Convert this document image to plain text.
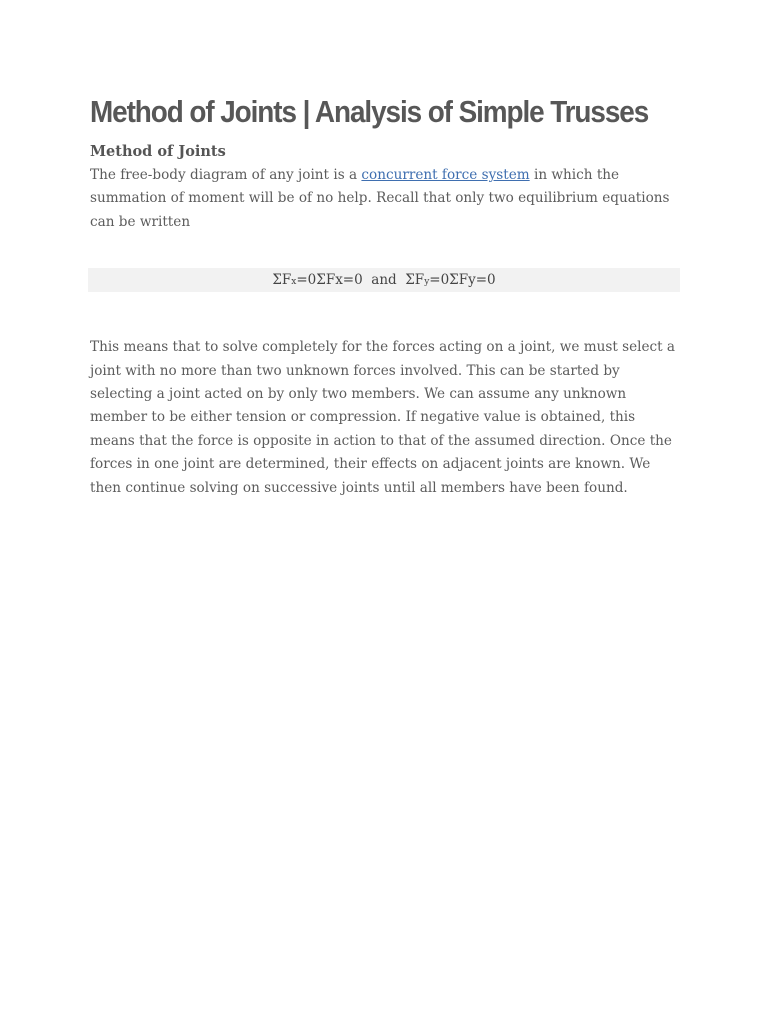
Method of Joints | Analysis of Simple Trusses
Method of Joints

The free-body diagram of any joint is a concurrent force system in which the summation of moment will be of no help. Recall that only two equilibrium equations can be written

ΣFx=0ΣFx=0  and  ΣFy=0ΣFy=0

This means that to solve completely for the forces acting on a joint, we must select a joint with no more than two unknown forces involved. This can be started by selecting a joint acted on by only two members. We can assume any unknown member to be either tension or compression. If negative value is obtained, this means that the force is opposite in action to that of the assumed direction. Once the forces in one joint are determined, their effects on adjacent joints are known. We then continue solving on successive joints until all members have been found.
